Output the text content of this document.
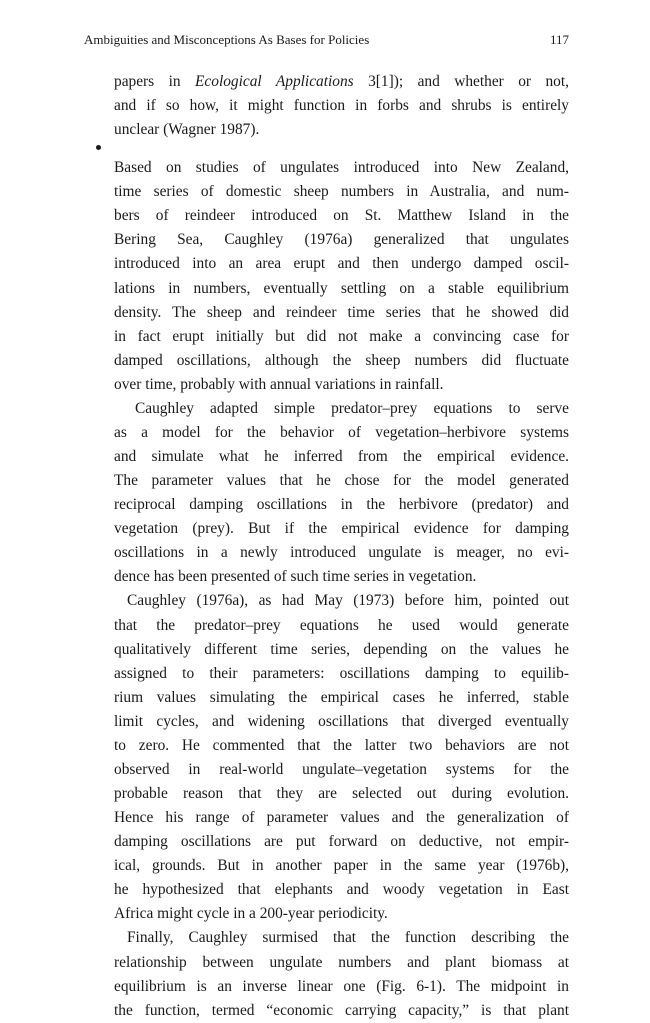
Ambiguities and Misconceptions As Bases for Policies	117
papers in Ecological Applications 3[1]); and whether or not,
and if so how, it might function in forbs and shrubs is entirely
unclear (Wagner 1987).
Based on studies of ungulates introduced into New Zealand,
time series of domestic sheep numbers in Australia, and num-
bers of reindeer introduced on St. Matthew Island in the
Bering Sea, Caughley (1976a) generalized that ungulates
introduced into an area erupt and then undergo damped oscil-
lations in numbers, eventually settling on a stable equilibrium
density. The sheep and reindeer time series that he showed did
in fact erupt initially but did not make a convincing case for
damped oscillations, although the sheep numbers did fluctuate
over time, probably with annual variations in rainfall.
Caughley adapted simple predator–prey equations to serve
as a model for the behavior of vegetation–herbivore systems
and simulate what he inferred from the empirical evidence.
The parameter values that he chose for the model generated
reciprocal damping oscillations in the herbivore (predator) and
vegetation (prey). But if the empirical evidence for damping
oscillations in a newly introduced ungulate is meager, no evi-
dence has been presented of such time series in vegetation.
Caughley (1976a), as had May (1973) before him, pointed out
that the predator–prey equations he used would generate
qualitatively different time series, depending on the values he
assigned to their parameters: oscillations damping to equilib-
rium values simulating the empirical cases he inferred, stable
limit cycles, and widening oscillations that diverged eventually
to zero. He commented that the latter two behaviors are not
observed in real-world ungulate–vegetation systems for the
probable reason that they are selected out during evolution.
Hence his range of parameter values and the generalization of
damping oscillations are put forward on deductive, not empir-
ical, grounds. But in another paper in the same year (1976b),
he hypothesized that elephants and woody vegetation in East
Africa might cycle in a 200-year periodicity.
Finally, Caughley surmised that the function describing the
relationship between ungulate numbers and plant biomass at
equilibrium is an inverse linear one (Fig. 6-1). The midpoint in
the function, termed “economic carrying capacity,” is that plant
